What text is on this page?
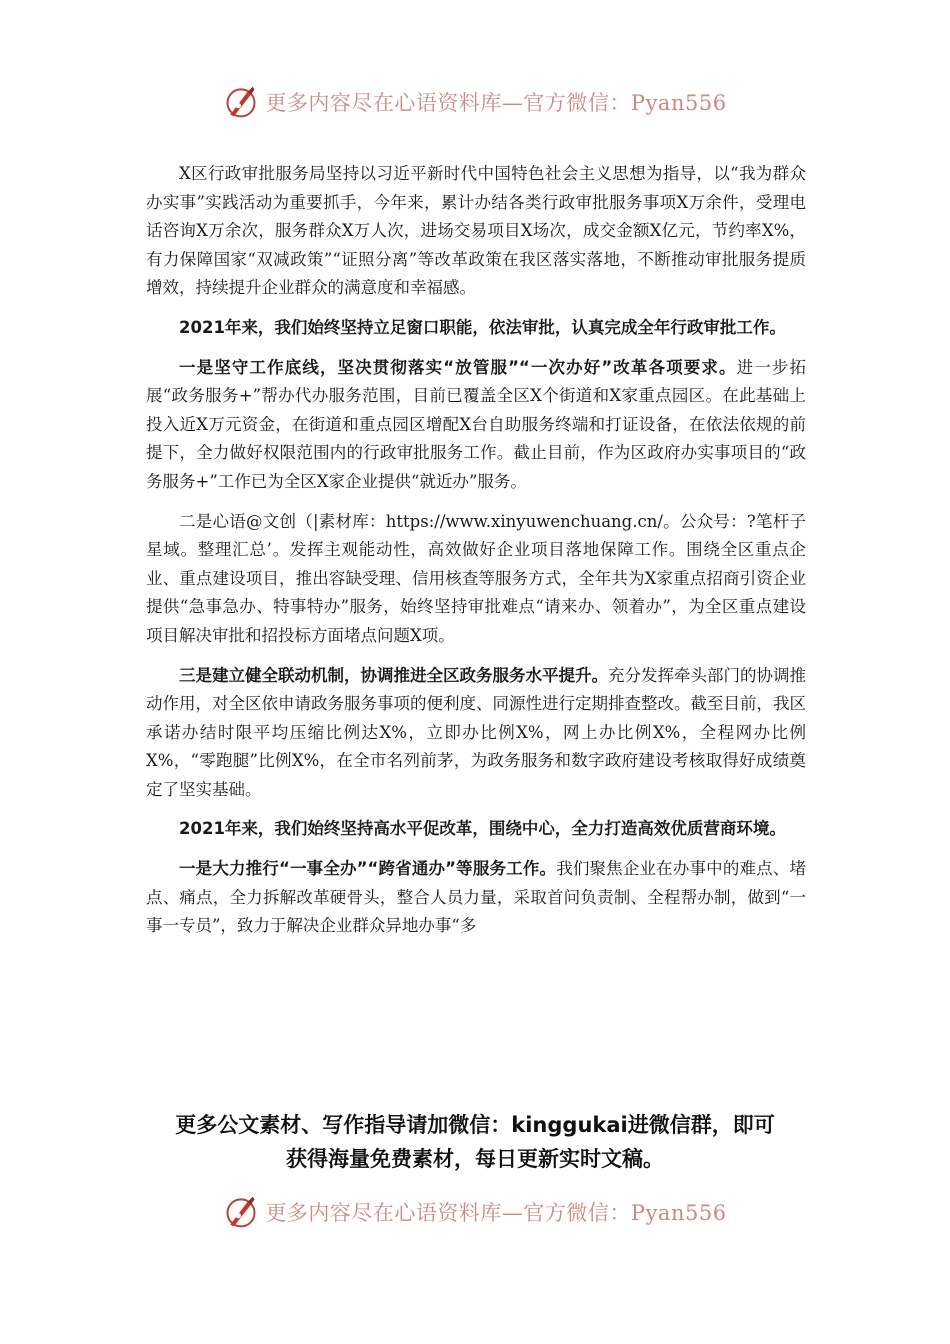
更多内容尽在心语资料库—官方微信：Pyan556

X区行政审批服务局坚持以习近平新时代中国特色社会主义思想为指导，以“我为群众办实事”实践活动为重要抓手，今年来，累计办结各类行政审批服务事项X万余件，受理电话咨询X万余次，服务群众X万人次，进场交易项目X场次，成交金额X亿元，节约率X%，有力保障国家“双减政策”“证照分离”等改革政策在我区落实落地，不断推动审批服务提质增效，持续提升企业群众的满意度和幸福感。

2021年来，我们始终坚持立足窗口职能，依法审批，认真完成全年行政审批工作。

一是坚守工作底线，坚决贯彻落实“放管服”“一次办好”改革各项要求。进一步拓展“政务服务+”帮办代办服务范围，目前已覆盖全区X个街道和X家重点园区。在此基础上投入近X万元资金，在街道和重点园区增配X台自助服务终端和打证设备，在依法依规的前提下，全力做好权限范围内的行政审批服务工作。截止目前，作为区政府办实事项目的“政务服务+”工作已为全区X家企业提供“就近办”服务。

二是心语@文创（|素材库：https://www.xinyuwenchuang.cn/。公众号：?笔杆子星域。整理汇总’。发挥主观能动性，高效做好企业项目落地保障工作。围绕全区重点企业、重点建设项目，推出容缺受理、信用核查等服务方式，全年共为X家重点招商引资企业提供“急事急办、特事特办”服务，始终坚持审批难点“请来办、领着办”，为全区重点建设项目解决审批和招投标方面堵点问题X项。

三是建立健全联动机制，协调推进全区政务服务水平提升。充分发挥牵头部门的协调推动作用，对全区依申请政务服务事项的便利度、同源性进行定期排查整改。截至目前，我区承诺办结时限平均压缩比例达X%，立即办比例X%，网上办比例X%，全程网办比例X%，“零跑腿”比例X%，在全市名列前茅，为政务服务和数字政府建设考核取得好成绩奠定了坚实基础。

2021年来，我们始终坚持高水平促改革，围绕中心，全力打造高效优质营商环境。

一是大力推行“一事全办”“跨省通办”等服务工作。我们聚焦企业在办事中的难点、堵点、痛点，全力拆解改革硬骨头，整合人员力量，采取首问负责制、全程帮办制，做到“一事一专员”，致力于解决企业群众异地办事“多

更多公文素材、写作指导请加微信：kinggukai进微信群，即可
获得海量免费素材，每日更新实时文稿。
更多内容尽在心语资料库—官方微信：Pyan556
